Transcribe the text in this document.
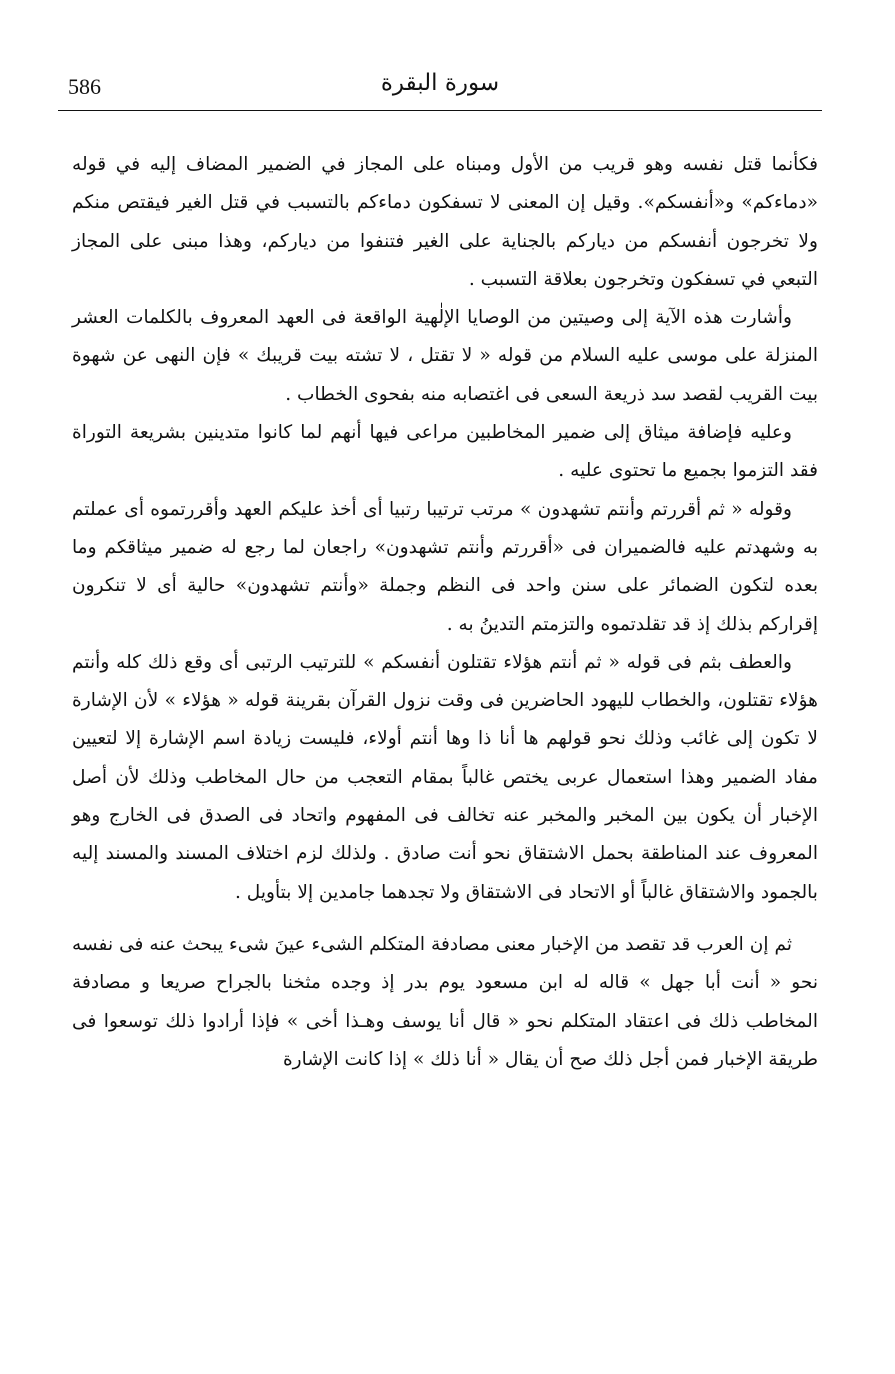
586	سورة البقرة

فكأنما قتل نفسه وهو قريب من الأول ومبناه على المجاز في الضمير المضاف إليه في قوله «دماءكم» و«أنفسكم». وقيل إن المعنى لا تسفكون دماءكم بالتسبب في قتل الغير فيقتص منكم ولا تخرجون أنفسكم من دياركم بالجناية على الغير فتنفوا من دياركم، وهذا مبنى على المجاز التبعي في تسفكون وتخرجون بعلاقة التسبب .

وأشارت هذه الآية إلى وصيتين من الوصايا الإلٰهية الواقعة فى العهد المعروف بالكلمات العشر المنزلة على موسى عليه السلام من قوله « لا تقتل ، لا تشته بيت قريبك » فإن النهى عن شهوة بيت القريب لقصد سد ذريعة السعى فى اغتصابه منه بفحوى الخطاب .

وعليه فإضافة ميثاق إلى ضمير المخاطبين مراعى فيها أنهم لما كانوا متدينين بشريعة التوراة فقد التزموا بجميع ما تحتوى عليه .

وقوله « ثم أقررتم وأنتم تشهدون » مرتب ترتيبا رتبيا أى أخذ عليكم العهد وأقررتموه أى عملتم به وشهدتم عليه فالضميران فى «أقررتم وأنتم تشهدون» راجعان لما رجع له ضمير ميثاقكم وما بعده لتكون الضمائر على سنن واحد فى النظم وجملة «وأنتم تشهدون» حالية أى لا تنكرون إقراركم بذلك إذ قد تقلدتموه والتزمتم التدينُ به .

والعطف بثم فى قوله « ثم أنتم هؤلاء تقتلون أنفسكم » للترتيب الرتبى أى وقع ذلك كله وأنتم هؤلاء تقتلون، والخطاب لليهود الحاضرين فى وقت نزول القرآن بقرينة قوله « هؤلاء » لأن الإشارة لا تكون إلى غائب وذلك نحو قولهم ها أنا ذا وها أنتم أولاء، فليست زيادة اسم الإشارة إلا لتعيين مفاد الضمير وهذا استعمال عربى يختص غالباً بمقام التعجب من حال المخاطب وذلك لأن أصل الإخبار أن يكون بين المخبر والمخبر عنه تخالف فى المفهوم واتحاد فى الصدق فى الخارج وهو المعروف عند المناطقة بحمل الاشتقاق نحو أنت صادق . ولذلك لزم اختلاف المسند والمسند إليه بالجمود والاشتقاق غالباً أو الاتحاد فى الاشتقاق ولا تجدهما جامدين إلا بتأويل .

ثم إن العرب قد تقصد من الإخبار معنى مصادفة المتكلم الشىء عينَ شىء يبحث عنه فى نفسه نحو « أنت أبا جهل » قاله له ابن مسعود يوم بدر إذ وجده مثخنا بالجراح صريعا و مصادفة المخاطب ذلك فى اعتقاد المتكلم نحو « قال أنا يوسف وهـذا أخى » فإذا أرادوا ذلك توسعوا فى طريقة الإخبار فمن أجل ذلك صح أن يقال « أنا ذلك » إذا كانت الإشارة
